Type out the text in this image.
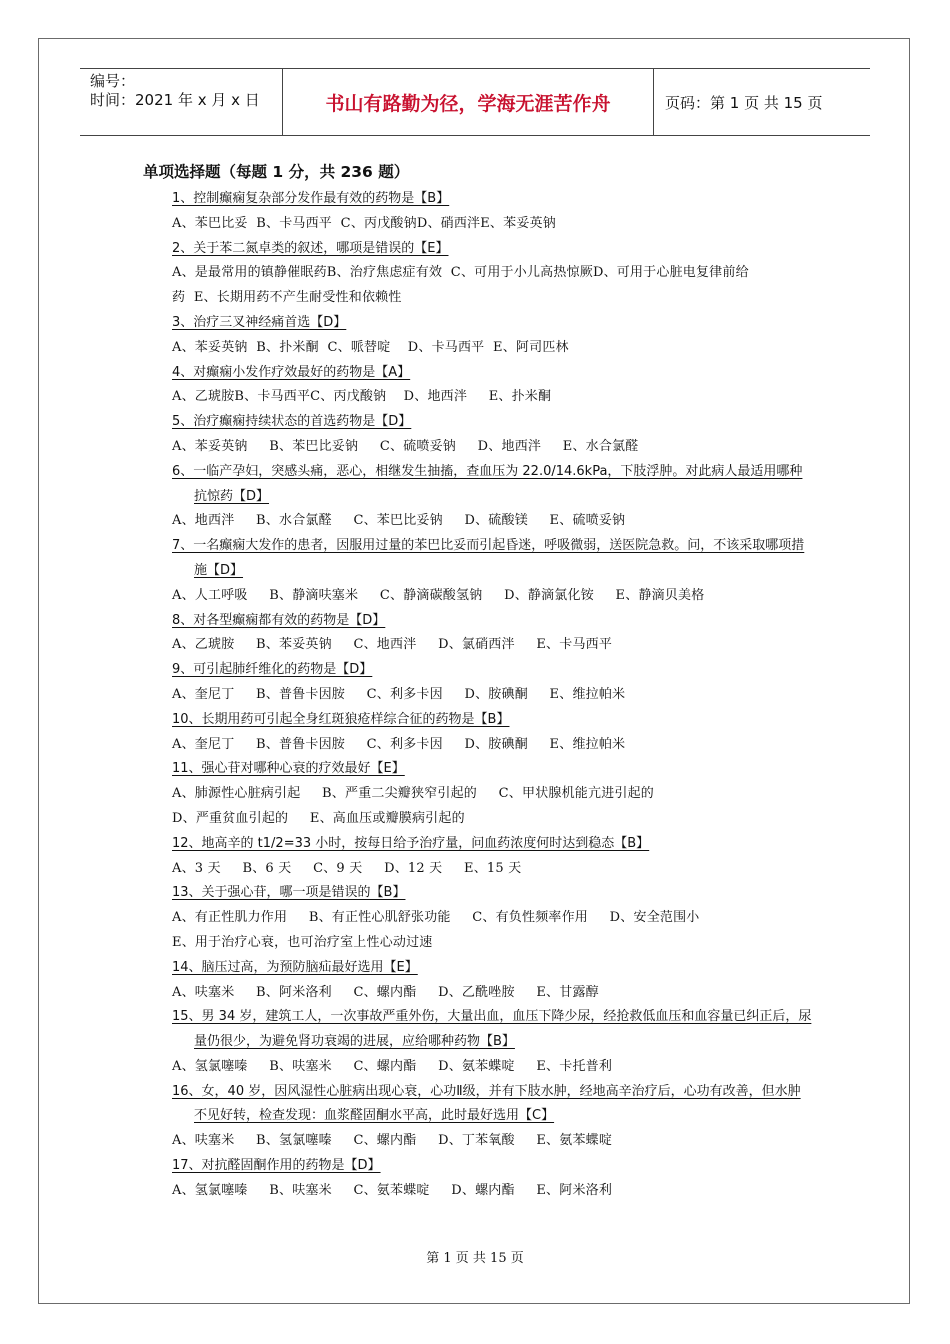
编号：
时间：2021 年 x 月 x 日	书山有路勤为径，学海无涯苦作舟	页码：第 1 页 共 15 页
单项选择题（每题 1 分，共 236 题）
1、控制癫痫复杂部分发作最有效的药物是【B】
A、苯巴比妥  B、卡马西平  C、丙戊酸钠D、硝西泮E、苯妥英钠
2、关于苯二氮卓类的叙述，哪项是错误的【E】
A、是最常用的镇静催眠药B、治疗焦虑症有效  C、可用于小儿高热惊厥D、可用于心脏电复律前给
药  E、长期用药不产生耐受性和依赖性
3、治疗三叉神经痛首选【D】
A、苯妥英钠  B、扑米酮  C、哌替啶    D、卡马西平  E、阿司匹林
4、对癫痫小发作疗效最好的药物是【A】
A、乙琥胺B、卡马西平C、丙戊酸钠    D、地西泮     E、扑米酮
5、治疗癫痫持续状态的首选药物是【D】
A、苯妥英钠     B、苯巴比妥钠     C、硫喷妥钠     D、地西泮     E、水合氯醛
6、一临产孕妇，突感头痛，恶心，相继发生抽搐，查血压为 22.0/14.6kPa，下肢浮肿。对此病人最适用哪种抗惊药【D】
A、地西泮     B、水合氯醛     C、苯巴比妥钠     D、硫酸镁     E、硫喷妥钠
7、一名癫痫大发作的患者，因服用过量的苯巴比妥而引起昏迷，呼吸微弱，送医院急救。问，不该采取哪项措施【D】
A、人工呼吸     B、静滴呋塞米     C、静滴碳酸氢钠     D、静滴氯化铵     E、静滴贝美格
8、对各型癫痫都有效的药物是【D】
A、乙琥胺     B、苯妥英钠     C、地西泮     D、氯硝西泮     E、卡马西平
9、可引起肺纤维化的药物是【D】
A、奎尼丁     B、普鲁卡因胺     C、利多卡因     D、胺碘酮     E、维拉帕米
10、长期用药可引起全身红斑狼疮样综合征的药物是【B】
A、奎尼丁     B、普鲁卡因胺     C、利多卡因     D、胺碘酮     E、维拉帕米
11、强心苷对哪种心衰的疗效最好【E】
A、肺源性心脏病引起     B、严重二尖瓣狭窄引起的     C、甲状腺机能亢进引起的
D、严重贫血引起的     E、高血压或瓣膜病引起的
12、地高辛的 t1/2=33 小时，按每日给予治疗量，问血药浓度何时达到稳态【B】
A、3 天     B、6 天     C、9 天     D、12 天     E、15 天
13、关于强心苷，哪一项是错误的【B】
A、有正性肌力作用     B、有正性心肌舒张功能     C、有负性频率作用     D、安全范围小
E、用于治疗心衰，也可治疗室上性心动过速
14、脑压过高，为预防脑疝最好选用【E】
A、呋塞米     B、阿米洛利     C、螺内酯     D、乙酰唑胺     E、甘露醇
15、男 34 岁，建筑工人，一次事故严重外伤，大量出血，血压下降少尿，经抢救低血压和血容量已纠正后，尿量仍很少，为避免肾功衰竭的进展，应给哪种药物【B】
A、氢氯噻嗪     B、呋塞米     C、螺内酯     D、氨苯蝶啶     E、卡托普利
16、女，40 岁，因风湿性心脏病出现心衰，心功Ⅱ级，并有下肢水肿，经地高辛治疗后，心功有改善，但水肿不见好转，检查发现：血浆醛固酮水平高，此时最好选用【C】
A、呋塞米     B、氢氯噻嗪     C、螺内酯     D、丁苯氧酸     E、氨苯蝶啶
17、对抗醛固酮作用的药物是【D】
A、氢氯噻嗪     B、呋塞米     C、氨苯蝶啶     D、螺内酯     E、阿米洛利
第 1 页 共 15 页
